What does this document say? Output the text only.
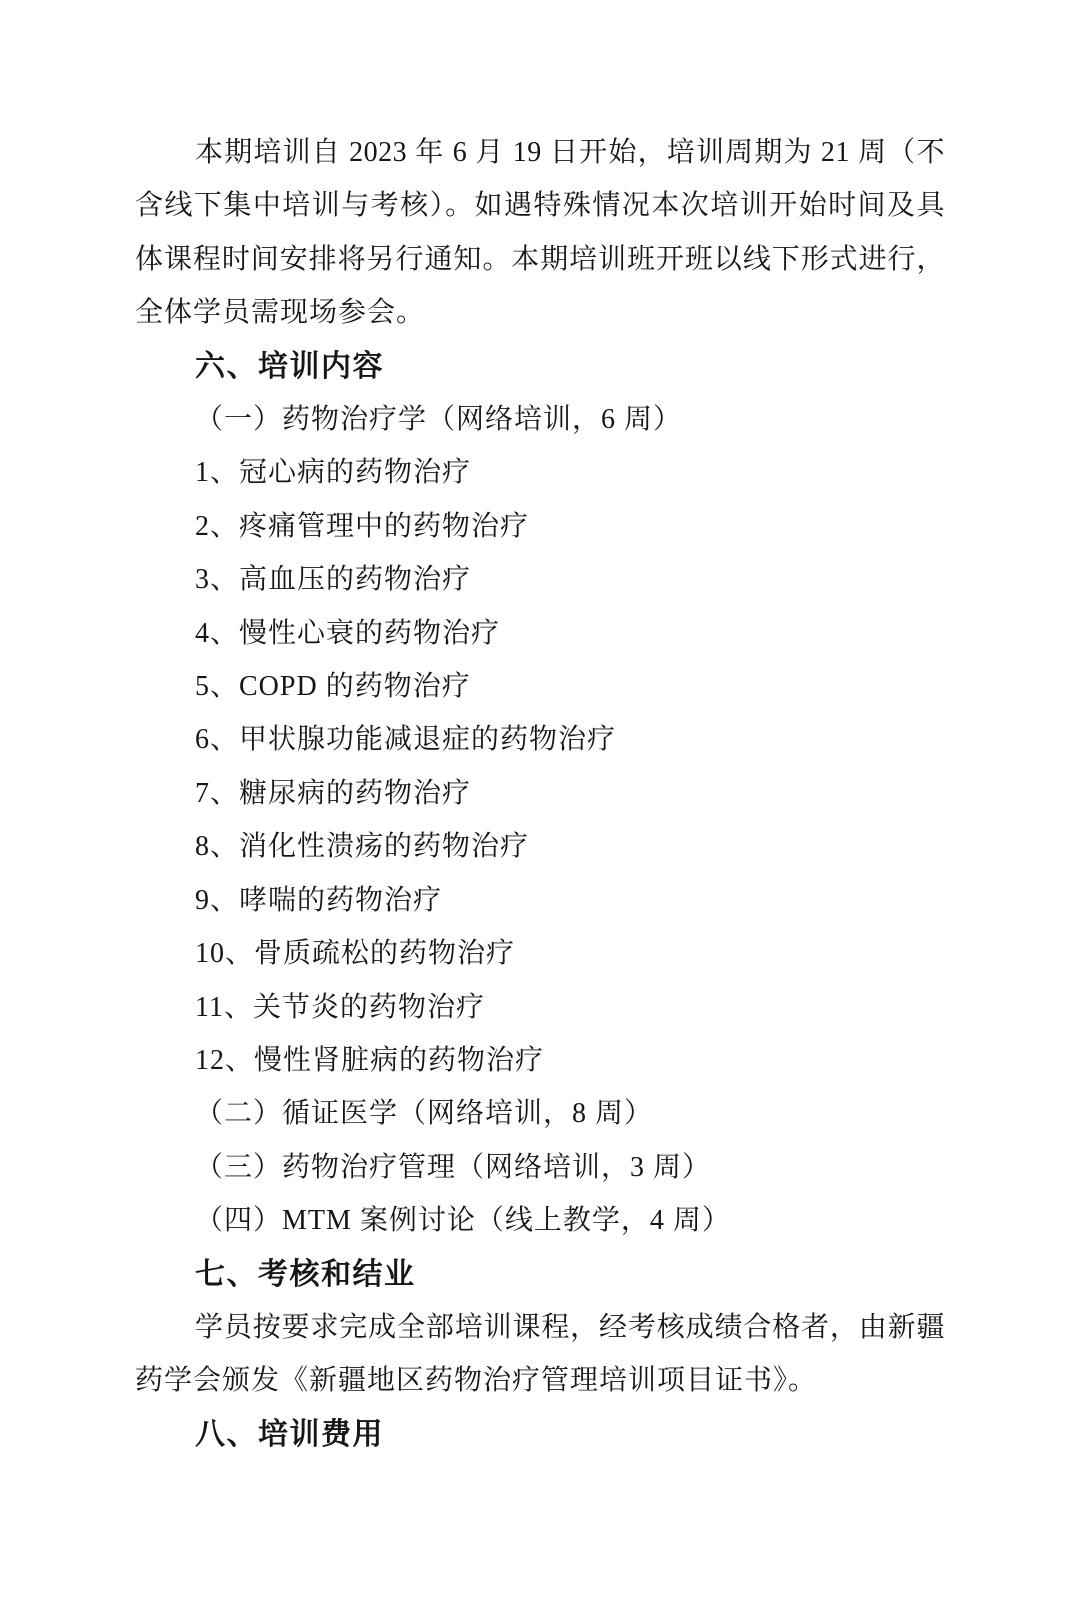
本期培训自 2023 年 6 月 19 日开始，培训周期为 21 周（不
含线下集中培训与考核）。如遇特殊情况本次培训开始时间及具
体课程时间安排将另行通知。本期培训班开班以线下形式进行，
全体学员需现场参会。
六、培训内容
（一）药物治疗学（网络培训，6 周）
1、冠心病的药物治疗
2、疼痛管理中的药物治疗
3、高血压的药物治疗
4、慢性心衰的药物治疗
5、COPD 的药物治疗
6、甲状腺功能减退症的药物治疗
7、糖尿病的药物治疗
8、消化性溃疡的药物治疗
9、哮喘的药物治疗
10、骨质疏松的药物治疗
11、关节炎的药物治疗
12、慢性肾脏病的药物治疗
（二）循证医学（网络培训，8 周）
（三）药物治疗管理（网络培训，3 周）
（四）MTM 案例讨论（线上教学，4 周）
七、考核和结业
学员按要求完成全部培训课程，经考核成绩合格者，由新疆
药学会颁发《新疆地区药物治疗管理培训项目证书》。
八、培训费用
